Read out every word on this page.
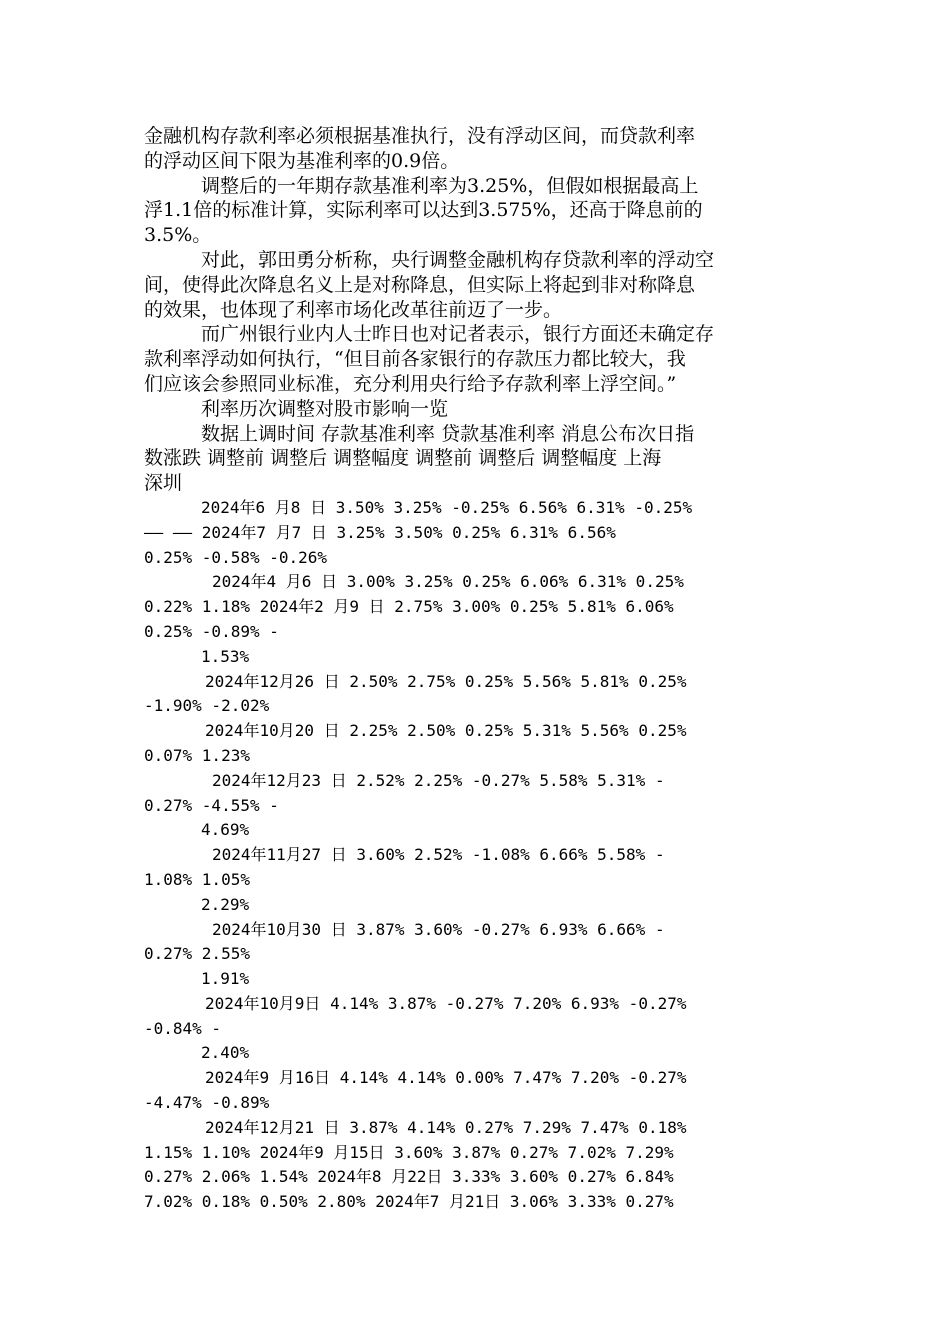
金融机构存款利率必须根据基准执行，没有浮动区间，而贷款利率
的浮动区间下限为基准利率的0.9倍。
调整后的一年期存款基准利率为3.25%，但假如根据最高上
浮1.1倍的标准计算，实际利率可以达到3.575%，还高于降息前的
3.5%。
对此，郭田勇分析称，央行调整金融机构存贷款利率的浮动空
间，使得此次降息名义上是对称降息，但实际上将起到非对称降息
的效果，也体现了利率市场化改革往前迈了一步。
而广州银行业内人士昨日也对记者表示，银行方面还未确定存
款利率浮动如何执行，“但目前各家银行的存款压力都比较大，我
们应该会参照同业标准，充分利用央行给予存款利率上浮空间。”
利率历次调整对股市影响一览
数据上调时间 存款基准利率 贷款基准利率 消息公布次日指
数涨跌 调整前 调整后 调整幅度 调整前 调整后 调整幅度 上海
深圳
2024年6 月8 日 3.50% 3.25% -0.25% 6.56% 6.31% -0.25%
—— —— 2024年7 月7 日 3.25% 3.50% 0.25% 6.31% 6.56%
0.25% -0.58% -0.26%
2024年4 月6 日 3.00% 3.25% 0.25% 6.06% 6.31% 0.25%
0.22% 1.18% 2024年2 月9 日 2.75% 3.00% 0.25% 5.81% 6.06%
0.25% -0.89% -
1.53%
2024年12月26 日 2.50% 2.75% 0.25% 5.56% 5.81% 0.25%
-1.90% -2.02%
2024年10月20 日 2.25% 2.50% 0.25% 5.31% 5.56% 0.25%
0.07% 1.23%
2024年12月23 日 2.52% 2.25% -0.27% 5.58% 5.31% -
0.27% -4.55% -
4.69%
2024年11月27 日 3.60% 2.52% -1.08% 6.66% 5.58% -
1.08% 1.05%
2.29%
2024年10月30 日 3.87% 3.60% -0.27% 6.93% 6.66% -
0.27% 2.55%
1.91%
2024年10月9日 4.14% 3.87% -0.27% 7.20% 6.93% -0.27%
-0.84% -
2.40%
2024年9 月16日 4.14% 4.14% 0.00% 7.47% 7.20% -0.27%
-4.47% -0.89%
2024年12月21 日 3.87% 4.14% 0.27% 7.29% 7.47% 0.18%
1.15% 1.10% 2024年9 月15日 3.60% 3.87% 0.27% 7.02% 7.29%
0.27% 2.06% 1.54% 2024年8 月22日 3.33% 3.60% 0.27% 6.84%
7.02% 0.18% 0.50% 2.80% 2024年7 月21日 3.06% 3.33% 0.27%
